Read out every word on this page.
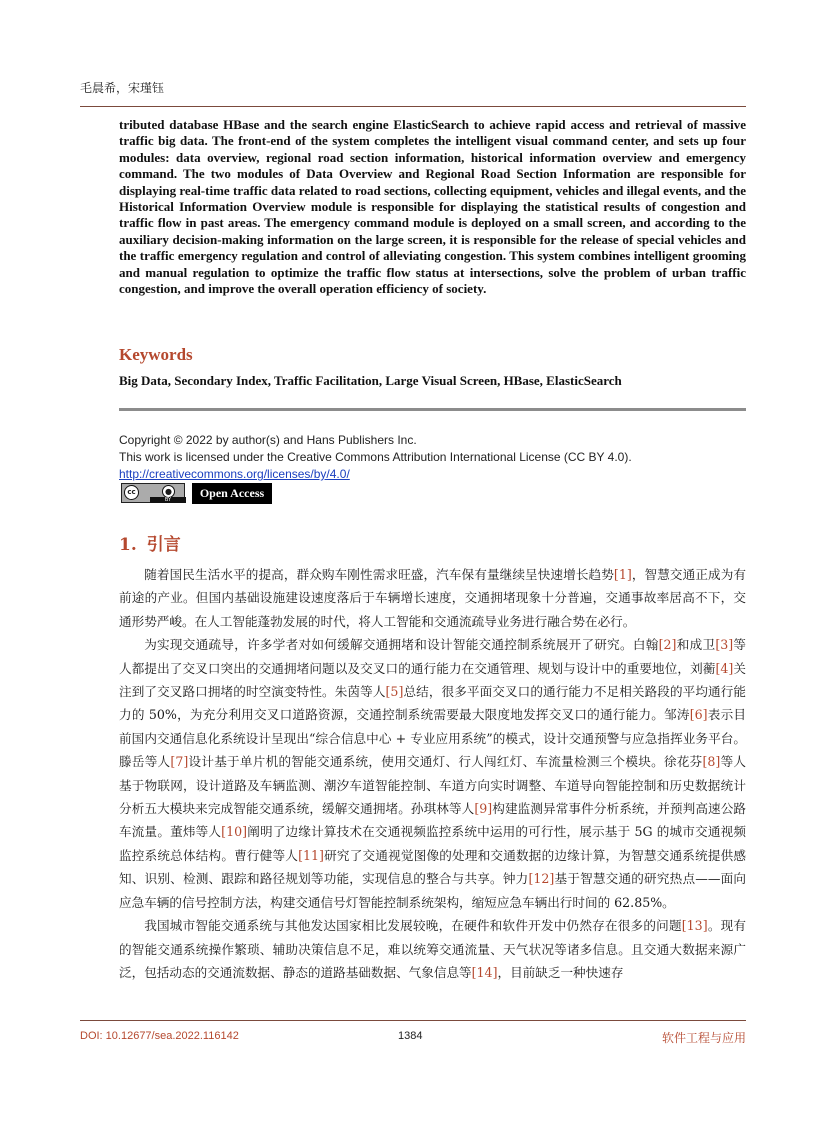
毛晨希，宋瑾钰
tributed database HBase and the search engine ElasticSearch to achieve rapid access and retrieval of massive traffic big data. The front-end of the system completes the intelligent visual command center, and sets up four modules: data overview, regional road section information, historical information overview and emergency command. The two modules of Data Overview and Regional Road Section Information are responsible for displaying real-time traffic data related to road sections, collecting equipment, vehicles and illegal events, and the Historical Information Overview module is responsible for displaying the statistical results of congestion and traffic flow in past areas. The emergency command module is deployed on a small screen, and according to the auxiliary decision-making information on the large screen, it is responsible for the release of special vehicles and the traffic emergency regulation and control of alleviating congestion. This system combines intelligent grooming and manual regulation to optimize the traffic flow status at intersections, solve the problem of urban traffic congestion, and improve the overall operation efficiency of society.
Keywords
Big Data, Secondary Index, Traffic Facilitation, Large Visual Screen, HBase, ElasticSearch
Copyright © 2022 by author(s) and Hans Publishers Inc.
This work is licensed under the Creative Commons Attribution International License (CC BY 4.0).
http://creativecommons.org/licenses/by/4.0/
cc	●
BY	Open Access
1. 引言

随着国民生活水平的提高，群众购车刚性需求旺盛，汽车保有量继续呈快速增长趋势[1]，智慧交通正成为有前途的产业。但国内基础设施建设速度落后于车辆增长速度，交通拥堵现象十分普遍，交通事故率居高不下，交通形势严峻。在人工智能蓬勃发展的时代，将人工智能和交通流疏导业务进行融合势在必行。

为实现交通疏导，许多学者对如何缓解交通拥堵和设计智能交通控制系统展开了研究。白翰[2]和成卫[3]等人都提出了交叉口突出的交通拥堵问题以及交叉口的通行能力在交通管理、规划与设计中的重要地位，刘蘅[4]关注到了交叉路口拥堵的时空演变特性。朱茵等人[5]总结，很多平面交叉口的通行能力不足相关路段的平均通行能力的 50%，为充分利用交叉口道路资源，交通控制系统需要最大限度地发挥交叉口的通行能力。邹涛[6]表示目前国内交通信息化系统设计呈现出“综合信息中心 + 专业应用系统”的模式，设计交通预警与应急指挥业务平台。滕岳等人[7]设计基于单片机的智能交通系统，使用交通灯、行人闯红灯、车流量检测三个模块。徐花芬[8]等人基于物联网，设计道路及车辆监测、潮汐车道智能控制、车道方向实时调整、车道导向智能控制和历史数据统计分析五大模块来完成智能交通系统，缓解交通拥堵。孙琪林等人[9]构建监测异常事件分析系统，并预判高速公路车流量。董炜等人[10]阐明了边缘计算技术在交通视频监控系统中运用的可行性，展示基于 5G 的城市交通视频监控系统总体结构。曹行健等人[11]研究了交通视觉图像的处理和交通数据的边缘计算，为智慧交通系统提供感知、识别、检测、跟踪和路径规划等功能，实现信息的整合与共享。钟力[12]基于智慧交通的研究热点——面向应急车辆的信号控制方法，构建交通信号灯智能控制系统架构，缩短应急车辆出行时间的 62.85%。

我国城市智能交通系统与其他发达国家相比发展较晚，在硬件和软件开发中仍然存在很多的问题[13]。现有的智能交通系统操作繁琐、辅助决策信息不足，难以统筹交通流量、天气状况等诸多信息。且交通大数据来源广泛，包括动态的交通流数据、静态的道路基础数据、气象信息等[14]，目前缺乏一种快速存

DOI: 10.12677/sea.2022.116142	1384	软件工程与应用
